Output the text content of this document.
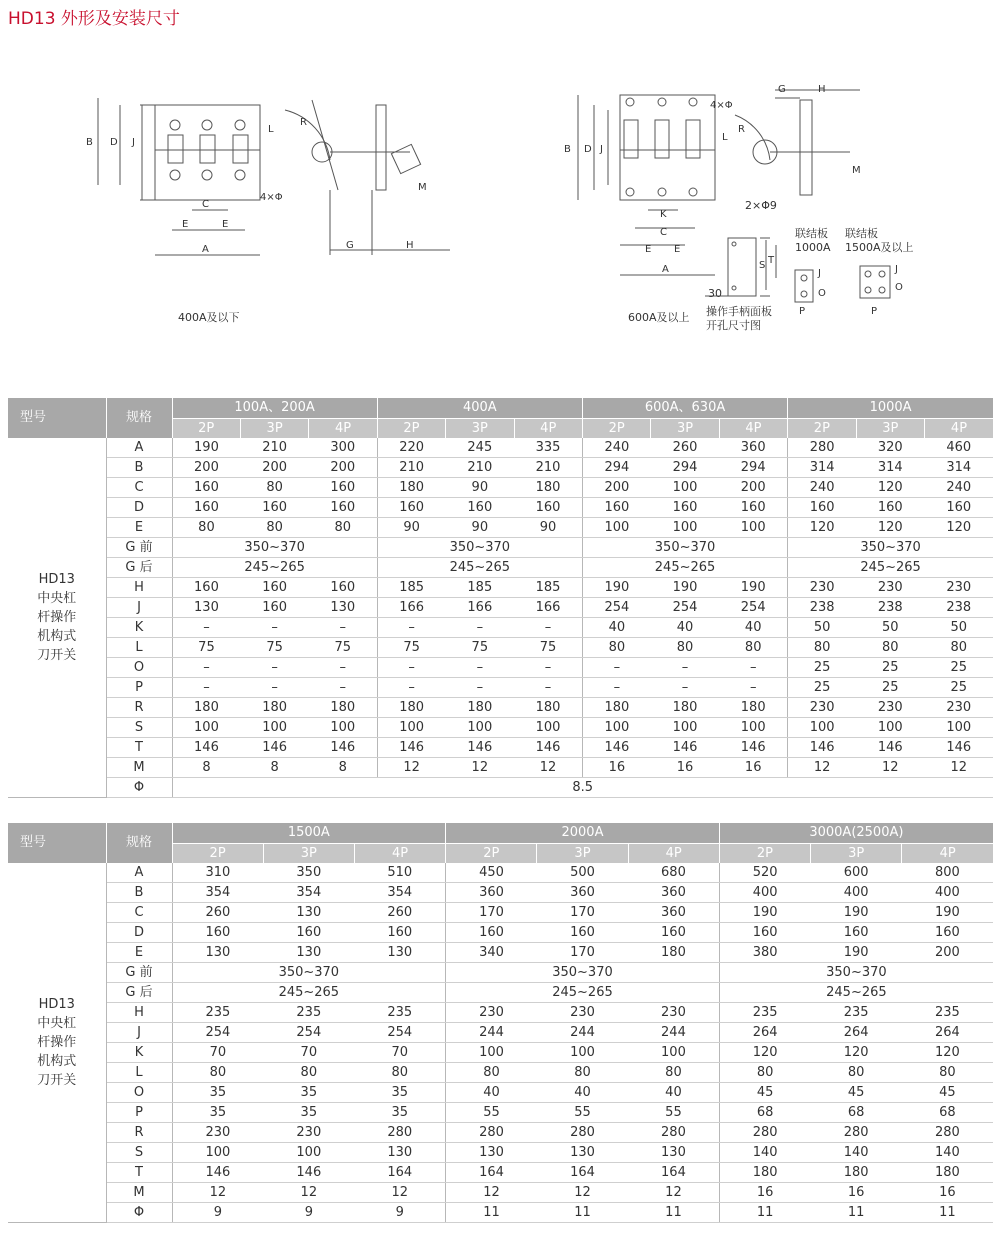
HD13 外形及安装尺寸
B D J
L
R
M
C
E	E
A	G	H
4×Φ
400A及以下
B D J
4×Φ
G	H
L
R
M
K
C
E E
A	S T
2×Φ9
30
联结板
1000A
联结板
1500A及以上
J
O
P
J
O
P
600A及以上 操作手柄面板
开孔尺寸图
型号	规格	100A、200A			400A			600A、630A			1000A		
		2P	3P	4P	2P	3P	4P	2P	3P	4P	2P	3P	4P

HD13
中央杠
杆操作
机构式
刀开关	A	190	210	300	220	245	335	240	260	360	280	320	460
	B	200	200	200	210	210	210	294	294	294	314	314	314
	C	160	80	160	180	90	180	200	100	200	240	120	240
	D	160	160	160	160	160	160	160	160	160	160	160	160
	E	80	80	80	90	90	90	100	100	100	120	120	120
	G 前	350~370			350~370			350~370			350~370		
	G 后	245~265			245~265			245~265			245~265		
	H	160	160	160	185	185	185	190	190	190	230	230	230
	J	130	160	130	166	166	166	254	254	254	238	238	238
	K	–	–	–	–	–	–	40	40	40	50	50	50
	L	75	75	75	75	75	75	80	80	80	80	80	80
	O	–	–	–	–	–	–	–	–	–	25	25	25
	P	–	–	–	–	–	–	–	–	–	25	25	25
	R	180	180	180	180	180	180	180	180	180	230	230	230
	S	100	100	100	100	100	100	100	100	100	100	100	100
	T	146	146	146	146	146	146	146	146	146	146	146	146
	M	8	8	8	12	12	12	16	16	16	12	12	12
	Φ	8.5											
型号	规格	1500A			2000A			3000A(2500A)		
		2P	3P	4P	2P	3P	4P	2P	3P	4P

HD13
中央杠
杆操作
机构式
刀开关	A	310	350	510	450	500	680	520	600	800
	B	354	354	354	360	360	360	400	400	400
	C	260	130	260	170	170	360	190	190	190
	D	160	160	160	160	160	160	160	160	160
	E	130	130	130	340	170	180	380	190	200
	G 前	350~370			350~370			350~370		
	G 后	245~265			245~265			245~265		
	H	235	235	235	230	230	230	235	235	235
	J	254	254	254	244	244	244	264	264	264
	K	70	70	70	100	100	100	120	120	120
	L	80	80	80	80	80	80	80	80	80
	O	35	35	35	40	40	40	45	45	45
	P	35	35	35	55	55	55	68	68	68
	R	230	230	280	280	280	280	280	280	280
	S	100	100	130	130	130	130	140	140	140
	T	146	146	164	164	164	164	180	180	180
	M	12	12	12	12	12	12	16	16	16
	Φ	9	9	9	11	11	11	11	11	11
